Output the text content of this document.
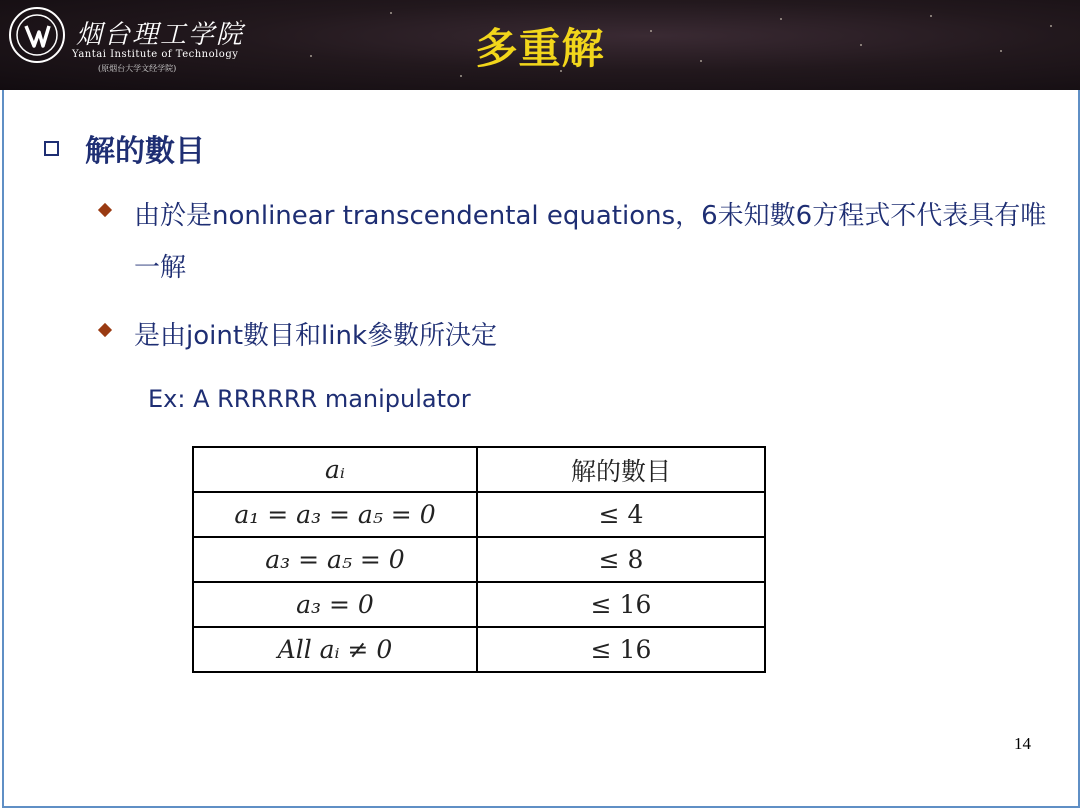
烟台理工学院
Yantai Institute of Technology
(原烟台大学文经学院)	多重解
解的數目
由於是nonlinear transcendental equations，6未知數6方程式不代表具有唯一解
是由joint數目和link參數所決定
Ex: A RRRRRR manipulator
aᵢ	解的數目
a₁ = a₃ = a₅ = 0	≤ 4
a₃ = a₅ = 0	≤ 8
a₃ = 0	≤ 16
All aᵢ ≠ 0	≤ 16
14
